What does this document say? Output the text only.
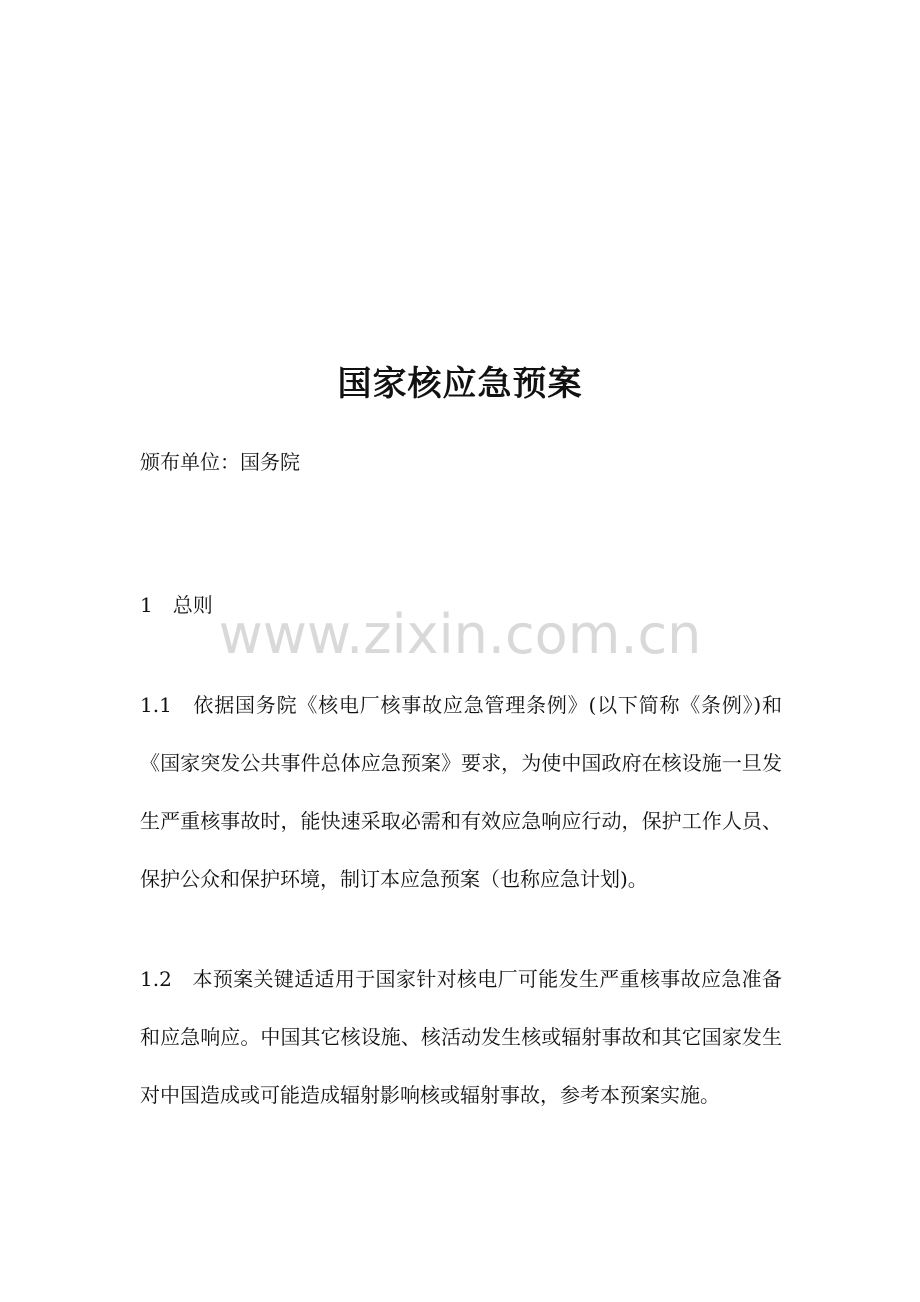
www.zixin.com.cn
国家核应急预案
颁布单位：国务院
1　总则
1.1　依据国务院《核电厂核事故应急管理条例》(以下简称《条例》)和《国家突发公共事件总体应急预案》要求，为使中国政府在核设施一旦发生严重核事故时，能快速采取必需和有效应急响应行动，保护工作人员、保护公众和保护环境，制订本应急预案（也称应急计划)。
1.2　本预案关键适适用于国家针对核电厂可能发生严重核事故应急准备和应急响应。中国其它核设施、核活动发生核或辐射事故和其它国家发生对中国造成或可能造成辐射影响核或辐射事故，参考本预案实施。
